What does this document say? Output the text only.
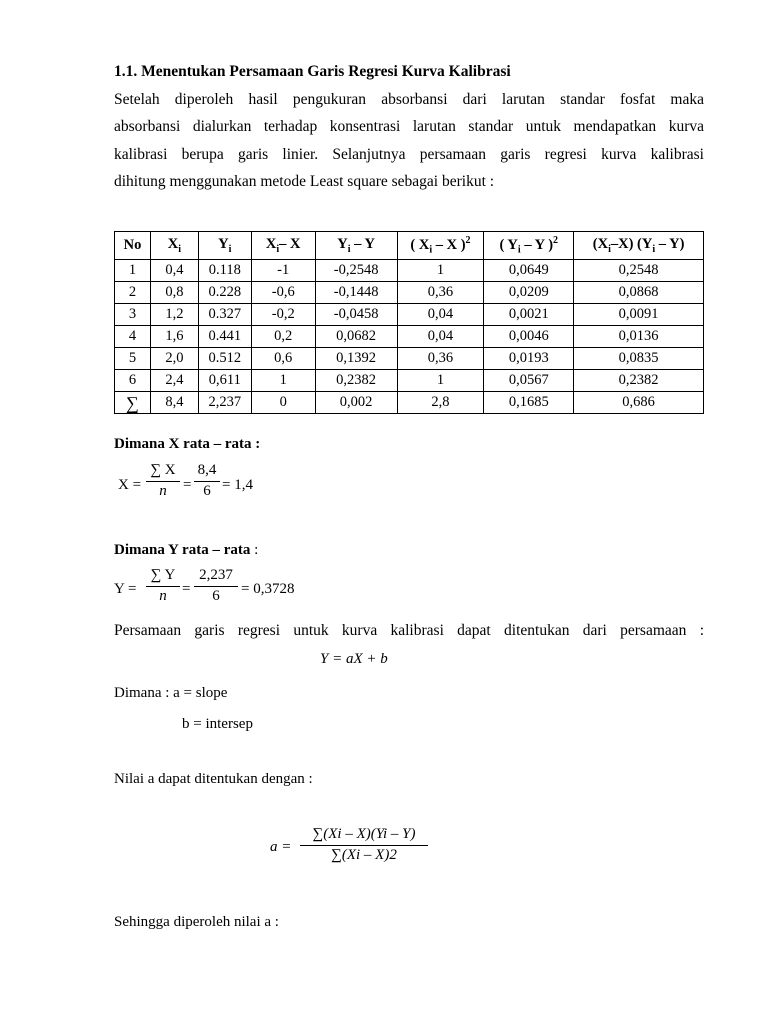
1.1. Menentukan Persamaan Garis Regresi Kurva Kalibrasi
Setelah diperoleh hasil pengukuran absorbansi dari larutan standar fosfat maka
absorbansi dialurkan terhadap konsentrasi larutan standar untuk mendapatkan kurva
kalibrasi berupa garis linier. Selanjutnya persamaan garis regresi kurva kalibrasi
dihitung menggunakan metode Least square sebagai berikut :
No	$X_i$	$Y_i$	$X_i-$ X	$Y_i$ – Y	( $X_i$ – X )$^2$	( $Y_i$ – Y )$^2$	$(X_i-X)$ $(Y_i - Y)$
1	0,4	0.118	-1	-0,2548	1	0,0649	0,2548
2	0,8	0.228	-0,6	-0,1448	0,36	0,0209	0,0868
3	1,2	0.327	-0,2	-0,0458	0,04	0,0021	0,0091
4	1,6	0.441	0,2	0,0682	0,04	0,0046	0,0136
5	2,0	0.512	0,6	0,1392	0,36	0,0193	0,0835
6	2,4	0,611	1	0,2382	1	0,0567	0,2382
∑	8,4	2,237	0	0,002	2,8	0,1685	0,686
Dimana X rata – rata :
$X = \frac{\sum X}{n} = \frac{8,4}{6} = 1,4$
Dimana Y rata – rata :
$Y = \frac{\sum Y}{n} = \frac{2,237}{6} = 0,3728$
Persamaan garis regresi untuk kurva kalibrasi dapat ditentukan dari persamaan :
Y = aX + b
Dimana : a = slope
b = intersep
Nilai a dapat ditentukan dengan :
$a = \frac{\sum(Xi - X)(Yi - Y)}{\sum(Xi - X)2}$
Sehingga diperoleh nilai a :
